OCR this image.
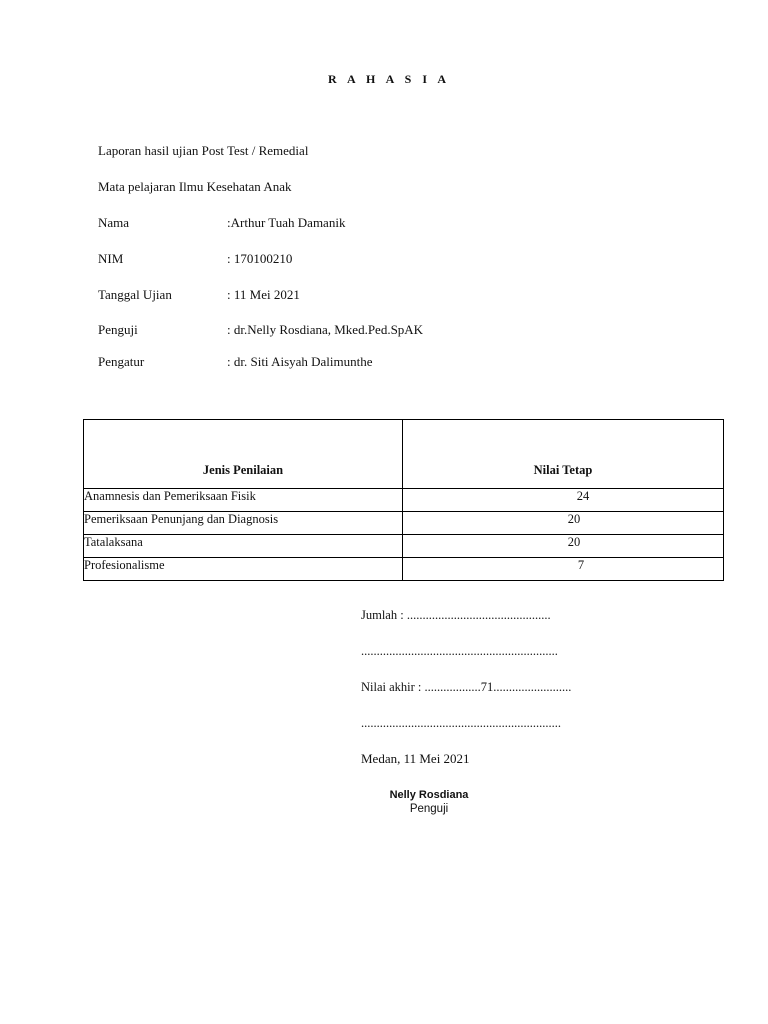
R A H A S I A
Laporan hasil ujian Post Test / Remedial
Mata pelajaran Ilmu Kesehatan Anak
Nama	:Arthur Tuah Damanik
NIM	: 170100210
Tanggal Ujian	: 11 Mei 2021
Penguji	: dr.Nelly Rosdiana, Mked.Ped.SpAK
Pengatur	: dr. Siti Aisyah Dalimunthe
Jenis Penilaian	Nilai Tetap
Anamnesis dan Pemeriksaan Fisik	24
Pemeriksaan Penunjang dan Diagnosis	20
Tatalaksana	20
Profesionalisme	7
Jumlah : ..............................................
...............................................................
Nilai akhir : ..................71.........................
................................................................
Medan, 11 Mei 2021
Nelly Rosdiana
Penguji
